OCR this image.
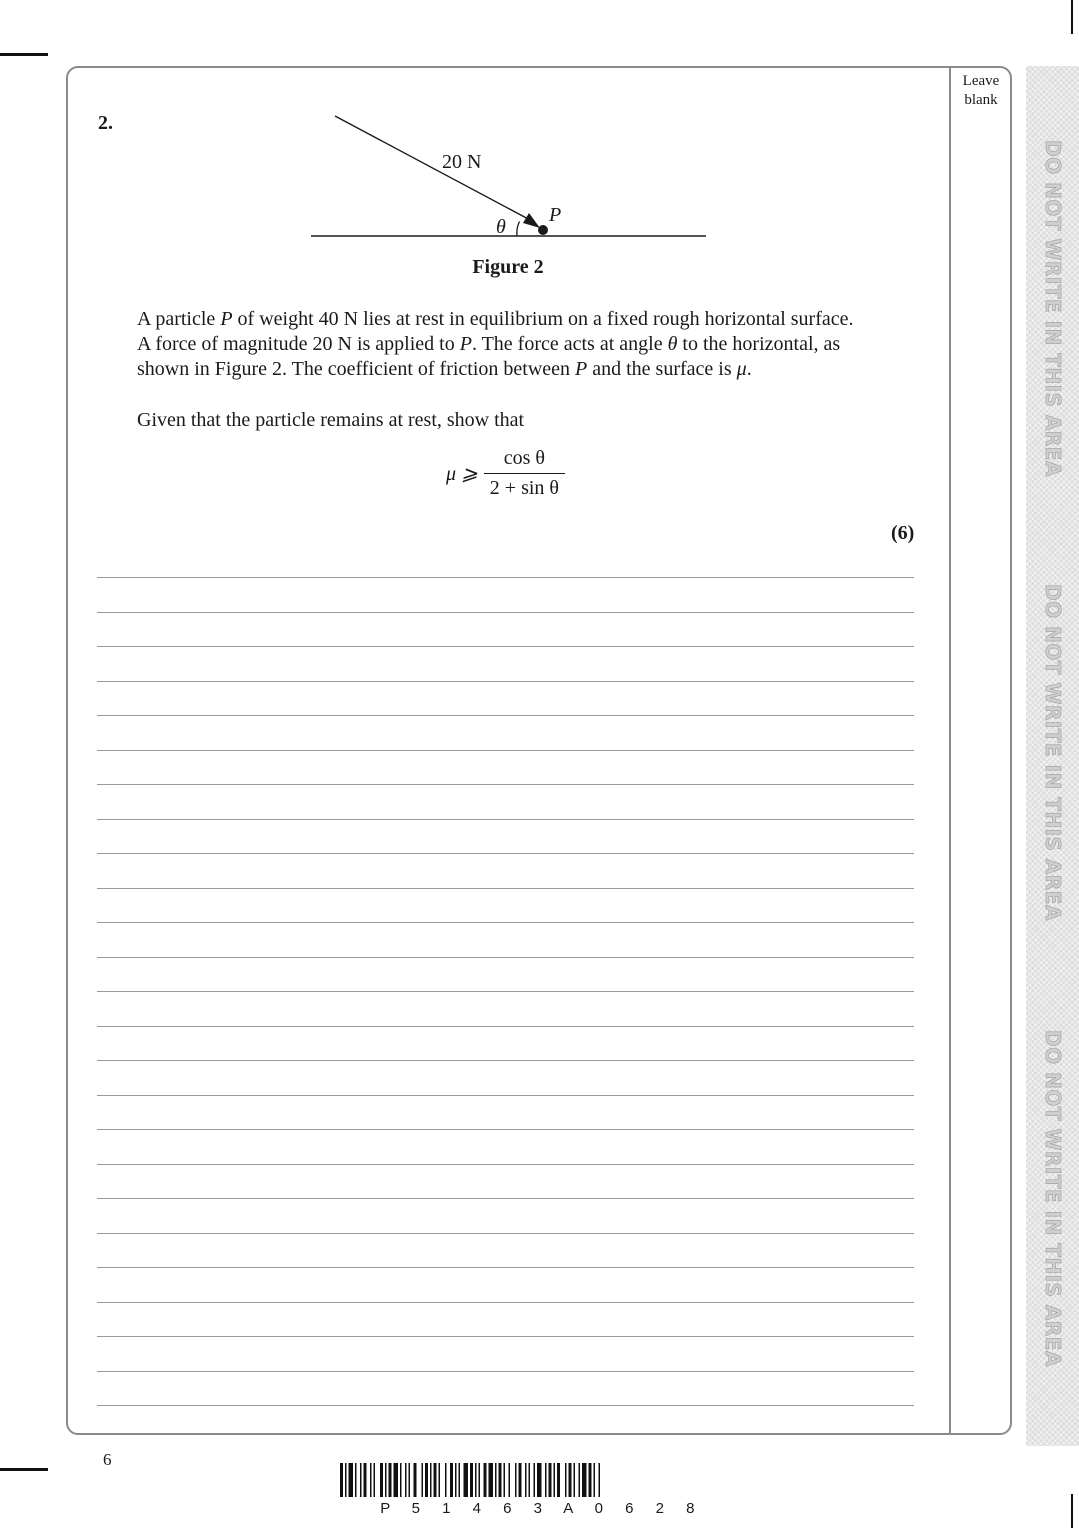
DO NOT WRITE IN THIS AREA
DO NOT WRITE IN THIS AREA
DO NOT WRITE IN THIS AREA
Leave blank
2.
20 N
θ
P
Figure 2
A particle P of weight 40 N lies at rest in equilibrium on a fixed rough horizontal surface.
A force of magnitude 20 N is applied to P. The force acts at angle θ to the horizontal, as
shown in Figure 2. The coefficient of friction between P and the surface is μ.
Given that the particle remains at rest, show that
μ ⩾
cos θ
2 + sin θ
(6)
6
P 5 1 4 6 3 A 0 6 2 8
